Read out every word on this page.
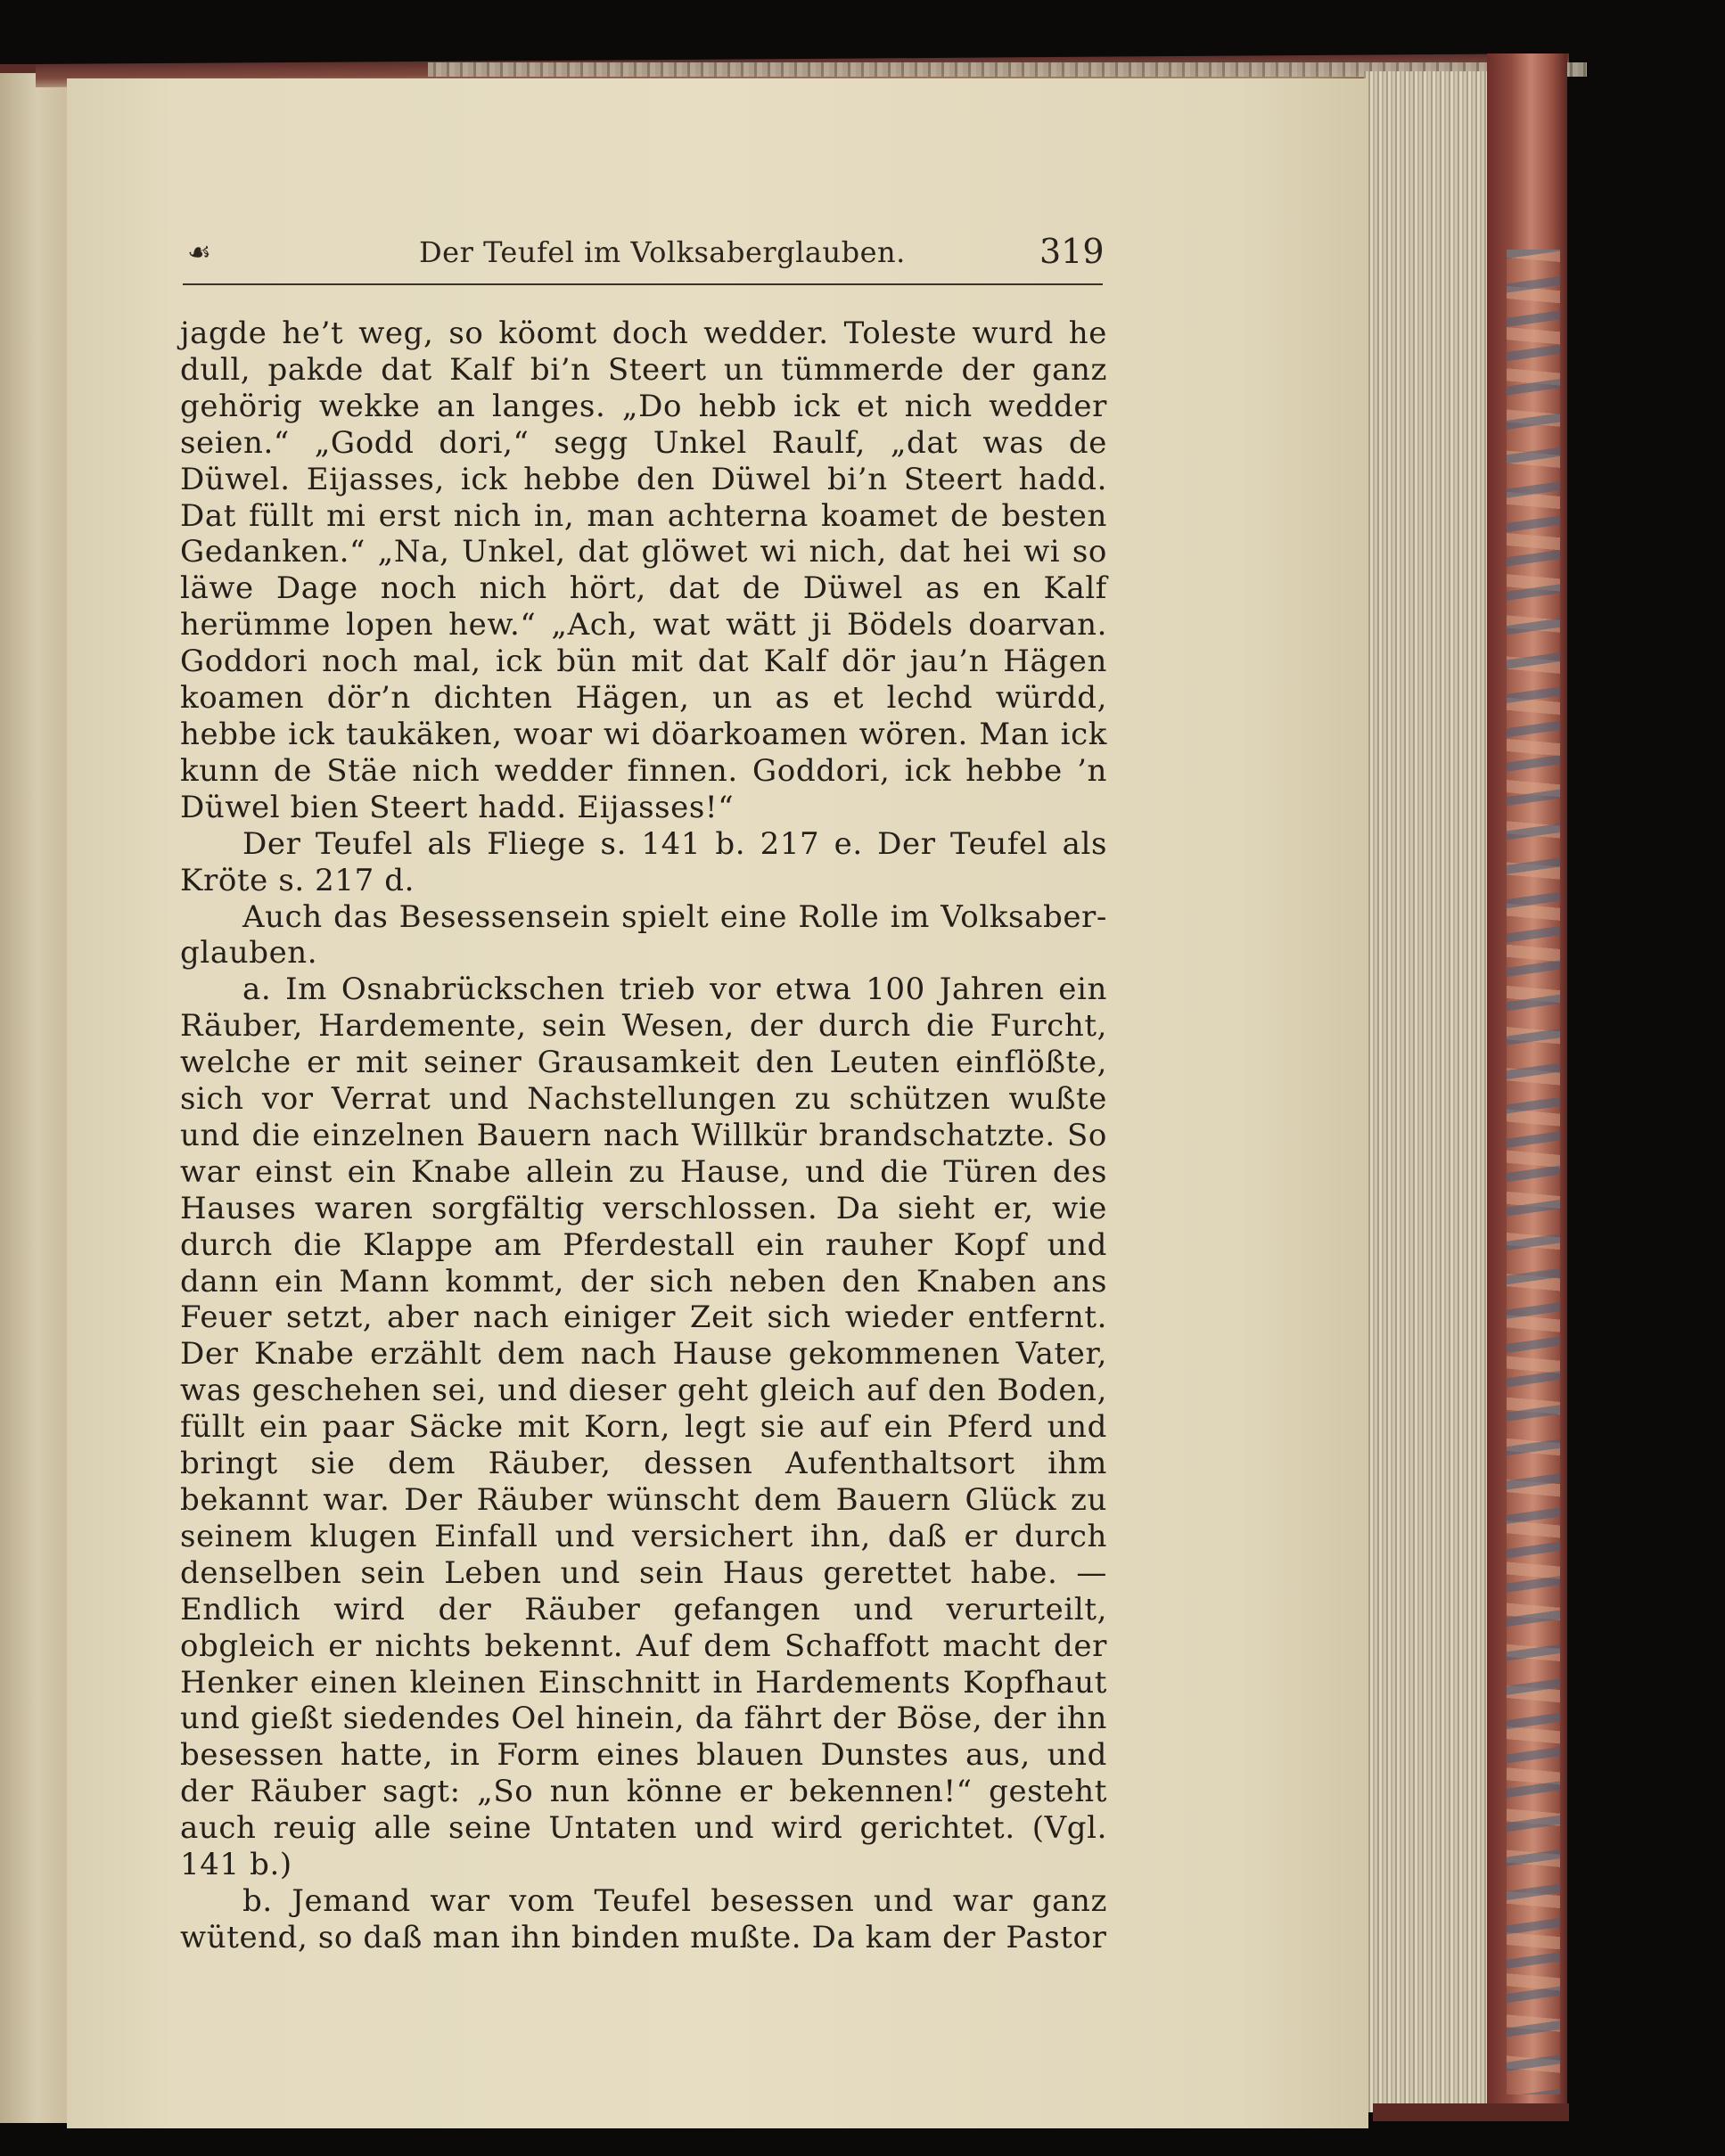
☙	Der Teufel im Volksaberglauben.	319

jagde he’t weg, so köomt doch wedder. Toleste wurd he dull, pakde dat Kalf bi’n Steert un tümmerde der ganz gehörig wekke an langes. „Do hebb ick et nich wedder seien.“ „Godd dori,“ segg Unkel Raulf, „dat was de Düwel. Eijasses, ick hebbe den Düwel bi’n Steert hadd. Dat füllt mi erst nich in, man achterna koamet de besten Gedanken.“ „Na, Unkel, dat glöwet wi nich, dat hei wi so läwe Dage noch nich hört, dat de Düwel as en Kalf herümme lopen hew.“ „Ach, wat wätt ji Bödels doarvan. Goddori noch mal, ick bün mit dat Kalf dör jau’n Hägen koamen dör’n dichten Hägen, un as et lechd würdd, hebbe ick taukäken, woar wi döarkoamen wören. Man ick kunn de Stäe nich wedder finnen. Goddori, ick hebbe ’n Düwel bien Steert hadd. Eijasses!“

Der Teufel als Fliege s. 141 b. 217 e. Der Teufel als Kröte s. 217 d.

Auch das Besessensein spielt eine Rolle im Volksaber- glauben.

a. Im Osnabrückschen trieb vor etwa 100 Jahren ein Räuber, Hardemente, sein Wesen, der durch die Furcht, welche er mit seiner Grausamkeit den Leuten einflößte, sich vor Verrat und Nachstellungen zu schützen wußte und die einzelnen Bauern nach Willkür brandschatzte. So war einst ein Knabe allein zu Hause, und die Türen des Hauses waren sorgfältig verschlossen. Da sieht er, wie durch die Klappe am Pferdestall ein rauher Kopf und dann ein Mann kommt, der sich neben den Knaben ans Feuer setzt, aber nach einiger Zeit sich wieder entfernt. Der Knabe erzählt dem nach Hause gekommenen Vater, was geschehen sei, und dieser geht gleich auf den Boden, füllt ein paar Säcke mit Korn, legt sie auf ein Pferd und bringt sie dem Räuber, dessen Aufenthaltsort ihm bekannt war. Der Räuber wünscht dem Bauern Glück zu seinem klugen Einfall und versichert ihn, daß er durch denselben sein Leben und sein Haus gerettet habe. — Endlich wird der Räuber gefangen und verurteilt, obgleich er nichts bekennt. Auf dem Schaffott macht der Henker einen kleinen Einschnitt in Hardements Kopfhaut und gießt siedendes Oel hinein, da fährt der Böse, der ihn besessen hatte, in Form eines blauen Dunstes aus, und der Räuber sagt: „So nun könne er bekennen!“ gesteht auch reuig alle seine Untaten und wird gerichtet. (Vgl. 141 b.)

b. Jemand war vom Teufel besessen und war ganz wütend, so daß man ihn binden mußte. Da kam der Pastor
